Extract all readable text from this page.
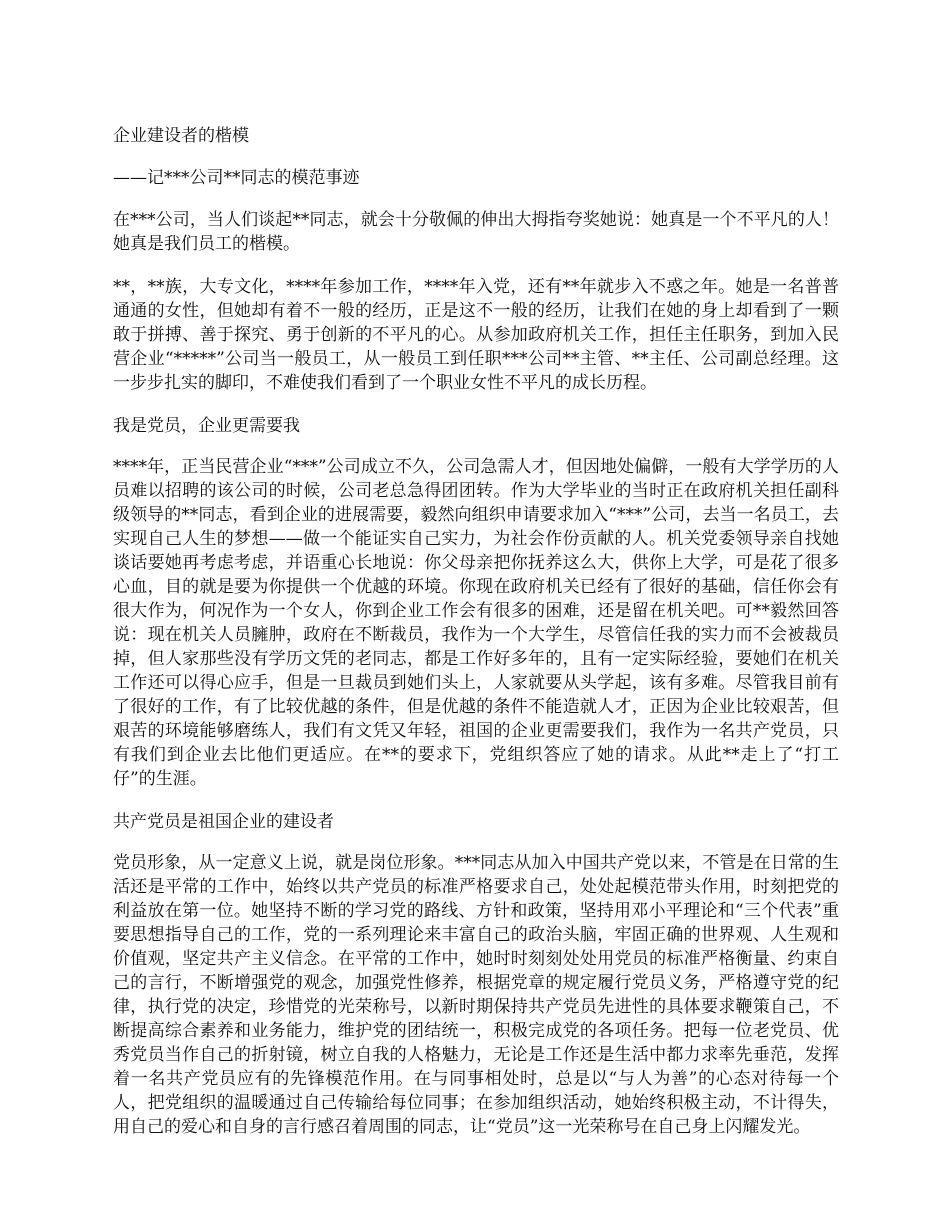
企业建设者的楷模

——记***公司**同志的模范事迹

在***公司，当人们谈起**同志，就会十分敬佩的伸出大拇指夸奖她说：她真是一个不平凡的人！她真是我们员工的楷模。

**，**族，大专文化，****年参加工作，****年入党，还有**年就步入不惑之年。她是一名普普通通的女性，但她却有着不一般的经历，正是这不一般的经历，让我们在她的身上却看到了一颗敢于拼搏、善于探究、勇于创新的不平凡的心。从参加政府机关工作，担任主任职务，到加入民营企业“*****”公司当一般员工，从一般员工到任职***公司**主管、**主任、公司副总经理。这一步步扎实的脚印，不难使我们看到了一个职业女性不平凡的成长历程。

我是党员，企业更需要我

****年，正当民营企业“***”公司成立不久，公司急需人才，但因地处偏僻，一般有大学学历的人员难以招聘的该公司的时候，公司老总急得团团转。作为大学毕业的当时正在政府机关担任副科级领导的**同志，看到企业的进展需要，毅然向组织申请要求加入“***”公司，去当一名员工，去实现自己人生的梦想——做一个能证实自己实力，为社会作份贡献的人。机关党委领导亲自找她谈话要她再考虑考虑，并语重心长地说：你父母亲把你抚养这么大，供你上大学，可是花了很多心血，目的就是要为你提供一个优越的环境。你现在政府机关已经有了很好的基础，信任你会有很大作为，何况作为一个女人，你到企业工作会有很多的困难，还是留在机关吧。可**毅然回答说：现在机关人员臃肿，政府在不断裁员，我作为一个大学生，尽管信任我的实力而不会被裁员掉，但人家那些没有学历文凭的老同志，都是工作好多年的，且有一定实际经验，要她们在机关工作还可以得心应手，但是一旦裁员到她们头上，人家就要从头学起，该有多难。尽管我目前有了很好的工作，有了比较优越的条件，但是优越的条件不能造就人才，正因为企业比较艰苦，但艰苦的环境能够磨练人，我们有文凭又年轻，祖国的企业更需要我们，我作为一名共产党员，只有我们到企业去比他们更适应。在**的要求下，党组织答应了她的请求。从此**走上了“打工仔”的生涯。

共产党员是祖国企业的建设者

党员形象，从一定意义上说，就是岗位形象。***同志从加入中国共产党以来，不管是在日常的生活还是平常的工作中，始终以共产党员的标准严格要求自己，处处起模范带头作用，时刻把党的利益放在第一位。她坚持不断的学习党的路线、方针和政策，坚持用邓小平理论和“三个代表”重要思想指导自己的工作，党的一系列理论来丰富自己的政治头脑，牢固正确的世界观、人生观和价值观，坚定共产主义信念。在平常的工作中，她时时刻刻处处用党员的标准严格衡量、约束自己的言行，不断增强党的观念，加强党性修养，根据党章的规定履行党员义务，严格遵守党的纪律，执行党的决定，珍惜党的光荣称号，以新时期保持共产党员先进性的具体要求鞭策自己，不断提高综合素养和业务能力，维护党的团结统一，积极完成党的各项任务。把每一位老党员、优秀党员当作自己的折射镜，树立自我的人格魅力，无论是工作还是生活中都力求率先垂范，发挥着一名共产党员应有的先锋模范作用。在与同事相处时，总是以“与人为善”的心态对待每一个人，把党组织的温暖通过自己传输给每位同事；在参加组织活动，她始终积极主动，不计得失，用自己的爱心和自身的言行感召着周围的同志，让“党员”这一光荣称号在自己身上闪耀发光。
